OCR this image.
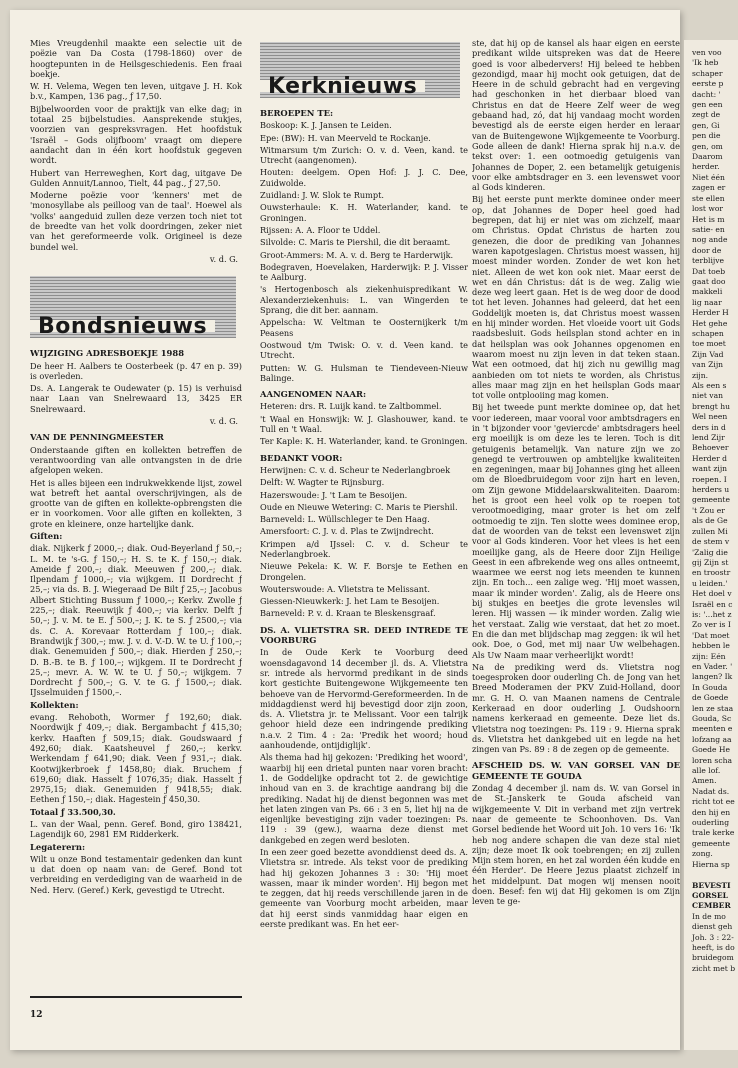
Mies Vreugdenhil maakte een selectie uit de poëzie van Da Costa (1798-1860) over de hoogtepunten in de Heilsgeschiedenis. Een fraai boekje.

W. H. Velema, Wegen ten leven, uitgave J. H. Kok b.v., Kampen, 136 pag., ƒ 17,50.

Bijbelwoorden voor de praktijk van elke dag; in totaal 25 bijbelstudies. Aansprekende stukjes, voorzien van gespreksvragen. Het hoofdstuk 'Israël – Gods olijfboom' vraagt om diepere aandacht dan in één kort hoofdstuk gegeven wordt.

Hubert van Herreweghen, Kort dag, uitgave De Gulden Annuit/Lannoo, Tielt, 44 pag., ƒ 27,50.

Moderne poëzie voor 'kenners' met de 'monosyllabe als peilloog van de taal'. Hoewel als 'volks' aangeduid zullen deze verzen toch niet tot de breedte van het volk doordringen, zeker niet van het gereformeerde volk. Origineel is deze bundel wel.

v. d. G.

Bondsnieuws

WIJZIGING ADRESBOEKJE 1988

De heer H. Aalbers te Oosterbeek (p. 47 en p. 39) is overleden.

Ds. A. Langerak te Oudewater (p. 15) is verhuisd naar Laan van Snelrewaard 13, 3425 ER Snelrewaard.

v. d. G.

VAN DE PENNINGMEESTER

Onderstaande giften en kollekten betreffen de verantwoording van alle ontvangsten in de drie afgelopen weken.

Het is alles bijeen een indrukwekkende lijst, zowel wat betreft het aantal overschrijvingen, als de grootte van de giften en kollekte-opbrengsten die er in voorkomen. Voor alle giften en kollekten, 3 grote en kleinere, onze hartelijke dank.

Giften:

diak. Nijkerk ƒ 2000,–; diak. Oud-Beyerland ƒ 50,–; L. M. te 's-G. ƒ 150,–; H. S. te K. ƒ 150,–; diak. Ameide ƒ 200,–; diak. Meeuwen ƒ 200,–; diak. Ilpendam ƒ 1000,–; via wijkgem. II Dordrecht ƒ 25,–; via ds. B. J. Wiegeraad De Bilt ƒ 25,–; Jacobus Albert Stichting Bussum ƒ 1000,–; Kerkv. Zwolle ƒ 225,–; diak. Reeuwijk ƒ 400,–; via kerkv. Delft ƒ 50,–; J. v. M. te E. ƒ 500,–; J. K. te S. ƒ 2500,–; via ds. C. A. Korevaar Rotterdam ƒ 100,–; diak. Brandwijk ƒ 300,–; mw. J. v. d. V.-D. W. te U. ƒ 100,–; diak. Genemuiden ƒ 500,–; diak. Hierden ƒ 250,–; D. B.-B. te B. ƒ 100,–; wijkgem. II te Dordrecht ƒ 25,–; mevr. A. W. W. te U. ƒ 50,–; wijkgem. 7 Dordrecht ƒ 500,–; G. V. te G. ƒ 1500,–; diak. IJsselmuiden ƒ 1500,–.

Kollekten:

evang. Rehoboth, Wormer ƒ 192,60; diak. Noordwijk ƒ 409,–; diak. Bergambacht ƒ 415,30; kerkv. Haaften ƒ 509,15; diak. Goudswaard ƒ 492,60; diak. Kaatsheuvel ƒ 260,–; kerkv. Werkendam ƒ 641,90; diak. Veen ƒ 931,–; diak. Kootwijkerbroek ƒ 1458,80; diak. Bruchem ƒ 619,60; diak. Hasselt ƒ 1076,35; diak. Hasselt ƒ 2975,15; diak. Genemuiden ƒ 9418,55; diak. Eethen ƒ 150,–; diak. Hagestein ƒ 450,30.

Totaal ƒ 33.500,30.

L. van der Waal, penn. Geref. Bond, giro 138421, Lagendijk 60, 2981 EM Ridderkerk.

Legaterern:

Wilt u onze Bond testamentair gedenken dan kunt u dat doen op naam van: de Geref. Bond tot verbreiding en verdediging van de waarheid in de Ned. Herv. (Geref.) Kerk, gevestigd te Utrecht.

12
Kerknieuws

BEROEPEN TE:

Boskoop: K. J. Jansen te Leiden.

Epe: (BW): H. van Meerveld te Rockanje.

Witmarsum t/m Zurich: O. v. d. Veen, kand. te Utrecht (aangenomen).

Houten: deelgem. Open Hof: J. J. C. Dee, Zuidwolde.

Zuidland: J. W. Slok te Rumpt.

Ouwsterhaule: K. H. Waterlander, kand. te Groningen.

Rijssen: A. A. Floor te Uddel.

Silvolde: C. Maris te Piershil, die dit beraamt.

Groot-Ammers: M. A. v. d. Berg te Harderwijk.

Bodegraven, Hoevelaken, Harderwijk: P. J. Visser te Aalburg.

's Hertogenbosch als ziekenhuispredikant W. Alexanderziekenhuis: L. van Wingerden te Sprang, die dit ber. aannam.

Appelscha: W. Veltman te Oosternijkerk t/m Peasens

Oostwoud t/m Twisk: O. v. d. Veen kand. te Utrecht.

Putten: W. G. Hulsman te Tiendeveen-Nieuw Balinge.

AANGENOMEN NAAR:

Heteren: drs. R. Luijk kand. te Zaltbommel.

't Waal en Honswijk: W. J. Glashouwer, kand. te Tull en 't Waal.

Ter Kaple: K. H. Waterlander, kand. te Groningen.

BEDANKT VOOR:

Herwijnen: C. v. d. Scheur te Nederlangbroek

Delft: W. Wagter te Rijnsburg.

Hazerswoude: J. 't Lam te Besoijen.

Oude en Nieuwe Wetering: C. Maris te Piershil.

Barneveld: L. Wüllschleger te Den Haag.

Amersfoort: C. J. v. d. Plas te Zwijndrecht.

Krimpen a/d IJssel: C. v. d. Scheur te Nederlangbroek.

Nieuwe Pekela: K. W. F. Borsje te Eethen en Drongelen.

Wouterswoude: A. Vlietstra te Melissant.

Giessen-Nieuwkerk: J. het Lam te Besoijen.

Barneveld: P. v. d. Kraan te Bleskensgraaf.

DS. A. VLIETSTRA SR. DEED INTREDE TE VOORBURG

In de Oude Kerk te Voorburg deed woensdagavond 14 december jl. ds. A. Vlietstra sr. intrede als hervormd predikant in de sinds kort gestichte Buitengewone Wijkgemeente ten behoeve van de Hervormd-Gereformeerden. In de middagdienst werd hij bevestigd door zijn zoon, ds. A. Vlietstra jr. te Melissant. Voor een talrijk gehoor hield deze een indringende prediking n.a.v. 2 Tim. 4 : 2a: 'Predik het woord; houd aanhoudende, ontijdiglijk'.

Als thema had hij gekozen: 'Prediking het woord', waarbij hij een drietal punten naar voren bracht: 1. de Goddelijke opdracht tot 2. de gewichtige inhoud van en 3. de krachtige aandrang bij die prediking. Nadat hij de dienst begonnen was met het laten zingen van Ps. 66 : 3 en 5, liet hij na de eigenlijke bevestiging zijn vader toezingen: Ps. 119 : 39 (gew.), waarna deze dienst met dankgebed en zegen werd besloten.

In een zeer goed bezette avonddienst deed ds. A. Vlietstra sr. intrede. Als tekst voor de prediking had hij gekozen Johannes 3 : 30: 'Hij moet wassen, maar ik minder worden'. Hij begon met te zeggen, dat hij reeds verschillende jaren in de gemeente van Voorburg mocht arbeiden, maar dat hij eerst sinds vanmiddag haar eigen en eerste predikant was. En het eer-

ste, dat hij op de kansel als haar eigen en eerste predikant wilde uitspreken was dat de Heere goed is voor albedervers! Hij beleed te hebben gezondigd, maar hij mocht ook getuigen, dat de Heere in de schuld gebracht had en vergeving had geschonken in het dierbaar bloed van Christus en dat de Heere Zelf weer de weg gebaand had, zó, dat hij vandaag mocht worden bevestigd als de eerste eigen herder en leraar van de Buitengewone Wijkgemeente te Voorburg. Gode alleen de dank! Hierna sprak hij n.a.v. de tekst over: 1. een ootmoedig getuigenis van Johannes de Doper, 2. een betamelijk getuigenis voor elke ambtsdrager en 3. een levenswet voor al Gods kinderen.

Bij het eerste punt merkte dominee onder meer op, dat Johannes de Doper heel goed had begrepen, dat hij er niet was om zichzelf, maar om Christus. Opdat Christus de harten zou genezen, die door de prediking van Johannes waren kapotgeslagen. Christus moest wassen, hij moest minder worden. Zonder de wet kon het niet. Alleen de wet kon ook niet. Maar eerst de wet en dán Christus: dát is de weg. Zalig wie deze weg leert gaan. Het is de weg door de dood tot het leven. Johannes had geleerd, dat het een Goddelijk moeten is, dat Christus moest wassen en hij minder worden. Het vloeide voort uit Gods raadsbesluit. Gods heilsplan stond achter en in dat heilsplan was ook Johannes opgenomen en waarom moest nu zijn leven in dat teken staan. Wat een ootmoed, dat hij zich nu gewillig mag aanbieden om tot niets te worden, als Christus alles maar mag zijn en het heilsplan Gods maar tot volle ontplooiing mag komen.

Bij het tweede punt merkte dominee op, dat het voor iedereen, maar vooral voor ambtsdragers en in 't bijzonder voor 'geviercde' ambtsdragers heel erg moeilijk is om deze les te leren. Toch is dit getuigenis betamelijk. Van nature zijn we zo genegd te vertrouwen op ambtelijke kwaliteiten en zegeningen, maar bij Johannes ging het alleen om de Bloedbruidegom voor zijn hart en leven, om Zijn gewone Middelaarskwaliteiten. Daarom: het is groot een heel volk op te roepen tot verootmoediging, maar groter is het om zelf ootmoedig te zijn. Ten slotte wees dominee erop, dat de woorden van de tekst een levenswet zijn voor al Gods kinderen. Voor het vlees is het een moeilijke gang, als de Heere door Zijn Heilige Geest in een afbrekende weg ons alles ontneemt, waarmee we eerst nog iets meenden te kunnen zijn. En toch... een zalige weg. 'Hij moet wassen, maar ik minder worden'. Zalig, als de Heere ons bij stukjes en beetjes die grote levensles wil leren. Hij wassen — ik minder worden. Zalig wie het verstaat. Zalig wie verstaat, dat het zo moet. En die dan met blijdschap mag zeggen: ik wil het ook. Doe, o God, met mij naar Uw welbehagen. Als Uw Naam maar verheerlijkt wordt!

Na de prediking werd ds. Vlietstra nog toegesproken door ouderling Ch. de Jong van het Breed Moderamen der PKV Zuid-Holland, door mr. G. H. O. van Maanen namens de Centrale Kerkeraad en door ouderling J. Oudshoorn namens kerkeraad en gemeente. Deze liet ds. Vlietstra nog toezingen: Ps. 119 : 9. Hierna sprak ds. Vlietstra het dankgebed uit en legde na het zingen van Ps. 89 : 8 de zegen op de gemeente.

AFSCHEID DS. W. VAN GORSEL VAN DE GEMEENTE TE GOUDA

Zondag 4 december jl. nam ds. W. van Gorsel in de St.-Janskerk te Gouda afscheid van wijkgemeente V. Dit in verband met zijn vertrek naar de gemeente te Schoonhoven. Ds. Van Gorsel bediende het Woord uit Joh. 10 vers 16: 'Ik heb nog andere schapen die van deze stal niet zijn; deze moet Ik ook toebrengen; en zij zullen Mijn stem horen, en het zal worden één kudde en één Herder'. De Heere Jezus plaatst zichzelf in het middelpunt. Dat mogen wij mensen nooit doen. Besef: fen wij dat Hij gekomen is om Zijn leven te ge-

ven voo
'Ik heb
schaper
eerste p
dacht: '
gen een
zegt de
gen, Gi
pen die
gen, om
Daarom
herder.
Niet één
zagen er
ste ellen
lost wor
Het is m
satie- en
nog ande
door de
terblijve
Dat toeb
gaat doo
makkeli
lig naar
Herder H
Het gehe
schapen
toe moet
Zijn Vad
van Zijn
zijn.
Als een s
niet van
brengt hu
Wel neen
ders in d
lend Zijr
Behoever
Herder d
want zijn
roepen. I
herders u
gemeente
't Zou er
als de Ge
zullen Mi
de stem v
'Zalig die
gij Zijn st
en troostr
u leiden.'
Het doel v
Israël en c
is: '...het z
Zo ver is I
'Dat moet
hebben le
zijn: Eén
en Vader. '
langen? Ik
In Gouda
de Goede
len ze staa
Gouda, Sc
meenten e
lofzang aa
Goede He
loren scha
alle lof.
Amen.
Nadat ds.
richt tot ee
den hij en
ouderling
trale kerke
gemeente
zong.
Hierna sp

BEVESTI
GORSEL
CEMBER
In de mo
dienst geh
Joh. 3 : 22-
heeft, is do
bruidegom
zicht met b
